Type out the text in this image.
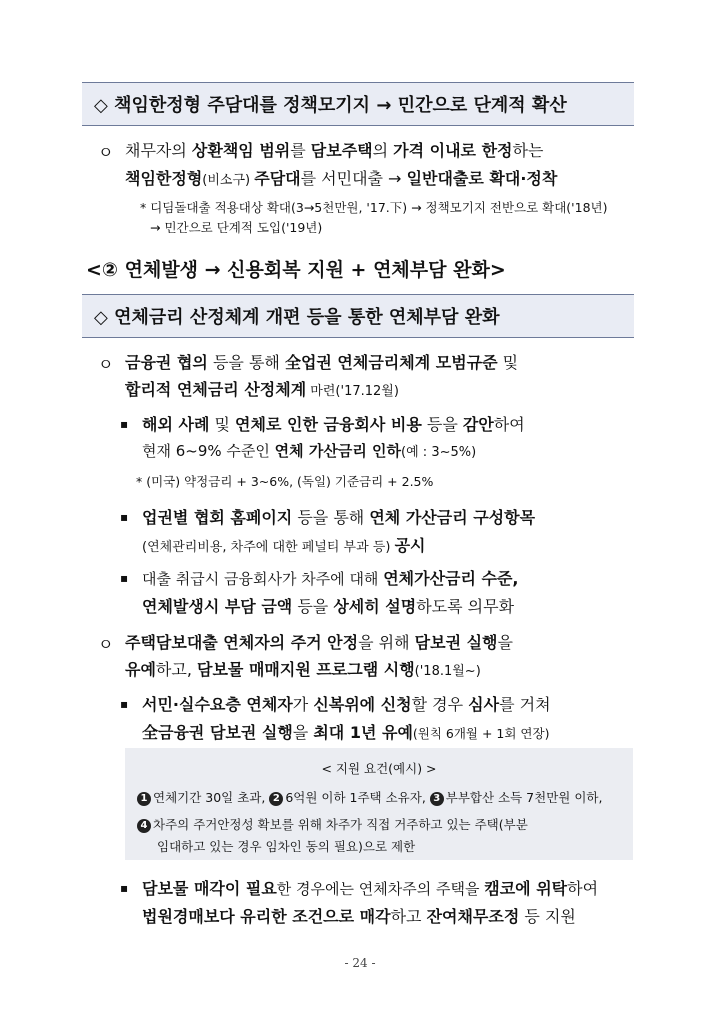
◇ 책임한정형 주담대를 정책모기지 → 민간으로 단계적 확산
ㅇ 채무자의 상환책임 범위를 담보주택의 가격 이내로 한정하는
책임한정형(비소구) 주담대를 서민대출 → 일반대출로 확대·정착
* 디딤돌대출 적용대상 확대(3→5천만원, '17.下) → 정책모기지 전반으로 확대('18년)
→ 민간으로 단계적 도입('19년)
<② 연체발생 → 신용회복 지원 + 연체부담 완화>
◇ 연체금리 산정체계 개편 등을 통한 연체부담 완화
ㅇ 금융권 협의 등을 통해 全업권 연체금리체계 모범규준 및
합리적 연체금리 산정체계 마련('17.12월)
▪ 해외 사례 및 연체로 인한 금융회사 비용 등을 감안하여
현재 6~9% 수준인 연체 가산금리 인하(예 : 3~5%)
* (미국) 약정금리 + 3~6%, (독일) 기준금리 + 2.5%
▪ 업권별 협회 홈페이지 등을 통해 연체 가산금리 구성항목
(연체관리비용, 차주에 대한 페널티 부과 등) 공시
▪ 대출 취급시 금융회사가 차주에 대해 연체가산금리 수준,
연체발생시 부담 금액 등을 상세히 설명하도록 의무화
ㅇ 주택담보대출 연체자의 주거 안정을 위해 담보권 실행을
유예하고, 담보물 매매지원 프로그램 시행('18.1월~)
▪ 서민·실수요층 연체자가 신복위에 신청할 경우 심사를 거쳐
全금융권 담보권 실행을 최대 1년 유예(원칙 6개월 + 1회 연장)
< 지원 요건(예시) >
1 연체기간 30일 초과, 2 6억원 이하 1주택 소유자, 3 부부합산 소득 7천만원 이하,
4 차주의 주거안정성 확보를 위해 차주가 직접 거주하고 있는 주택(부분
임대하고 있는 경우 임차인 동의 필요)으로 제한
▪ 담보물 매각이 필요한 경우에는 연체차주의 주택을 캠코에 위탁하여
법원경매보다 유리한 조건으로 매각하고 잔여채무조정 등 지원
- 24 -
